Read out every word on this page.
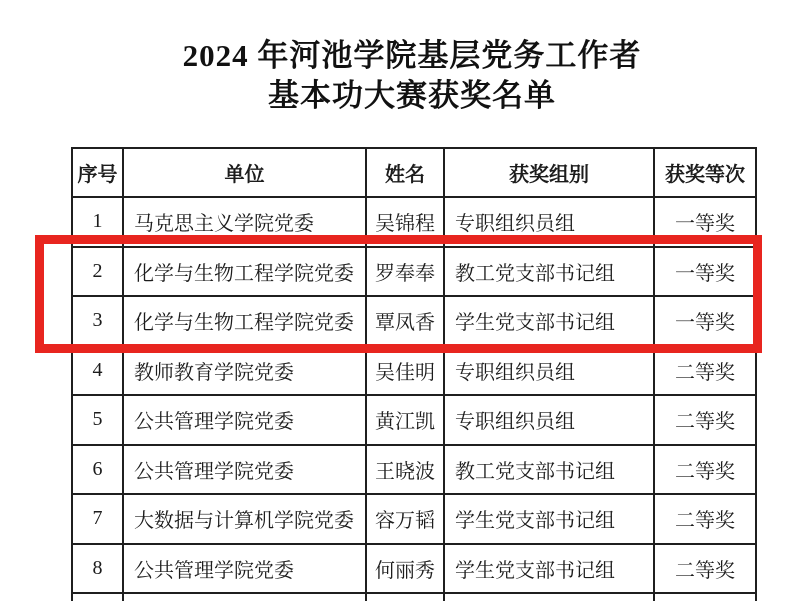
2024 年河池学院基层党务工作者
基本功大赛获奖名单
序号	单位	姓名	获奖组别	获奖等次
1	马克思主义学院党委	吴锦程	专职组织员组	一等奖
2	化学与生物工程学院党委	罗奉奉	教工党支部书记组	一等奖
3	化学与生物工程学院党委	覃凤香	学生党支部书记组	一等奖
4	教师教育学院党委	吴佳明	专职组织员组	二等奖
5	公共管理学院党委	黄江凯	专职组织员组	二等奖
6	公共管理学院党委	王晓波	教工党支部书记组	二等奖
7	大数据与计算机学院党委	容万韬	学生党支部书记组	二等奖
8	公共管理学院党委	何丽秀	学生党支部书记组	二等奖
